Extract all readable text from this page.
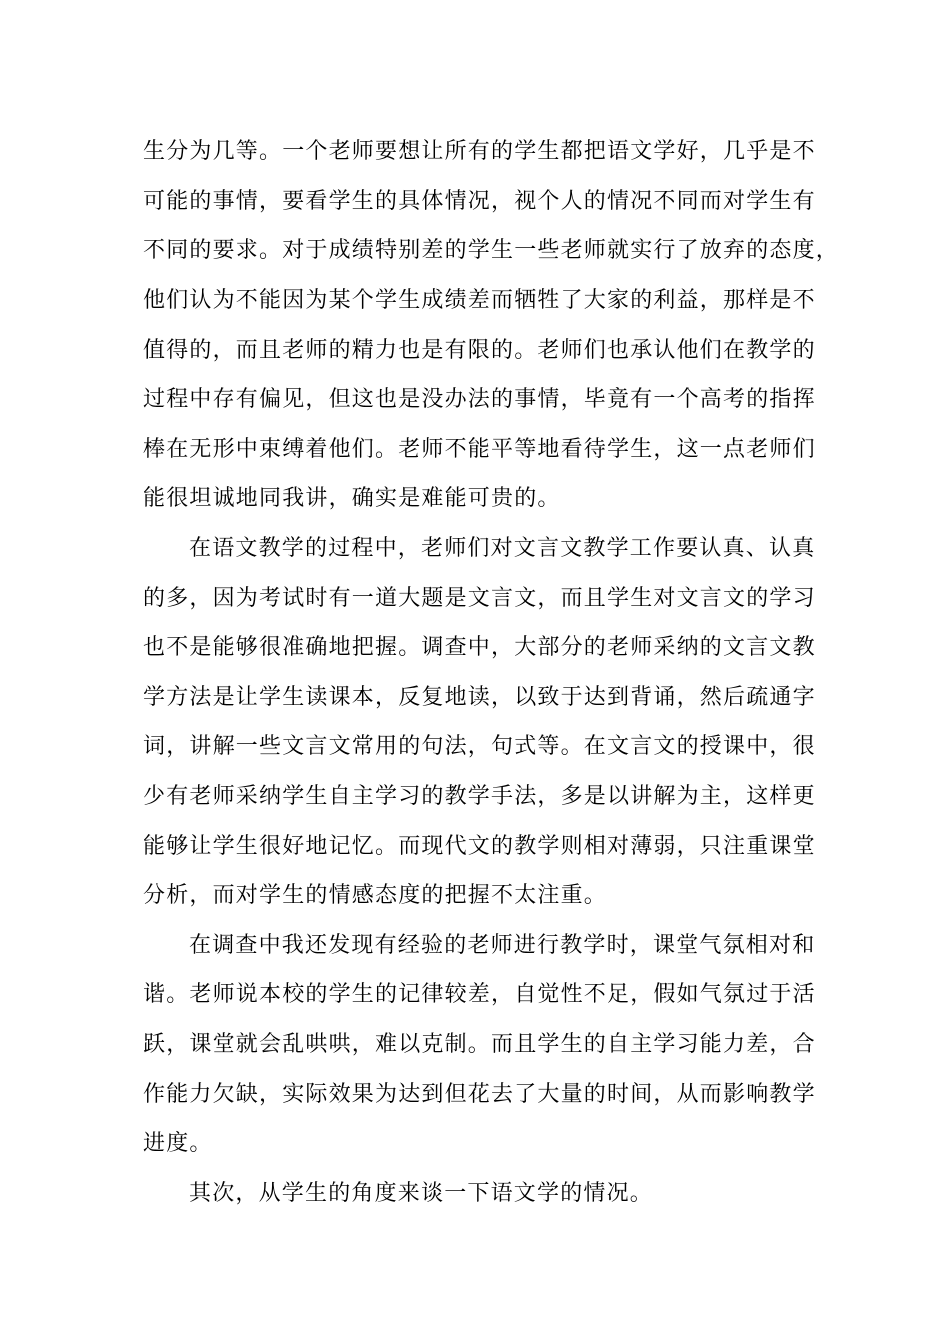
生分为几等。一个老师要想让所有的学生都把语文学好，几乎是不

可能的事情，要看学生的具体情况，视个人的情况不同而对学生有

不同的要求。对于成绩特别差的学生一些老师就实行了放弃的态度，

他们认为不能因为某个学生成绩差而牺牲了大家的利益，那样是不

值得的，而且老师的精力也是有限的。老师们也承认他们在教学的

过程中存有偏见，但这也是没办法的事情，毕竟有一个高考的指挥

棒在无形中束缚着他们。老师不能平等地看待学生，这一点老师们

能很坦诚地同我讲，确实是难能可贵的。

在语文教学的过程中，老师们对文言文教学工作要认真、认真

的多，因为考试时有一道大题是文言文，而且学生对文言文的学习

也不是能够很准确地把握。调查中，大部分的老师采纳的文言文教

学方法是让学生读课本，反复地读，以致于达到背诵，然后疏通字

词，讲解一些文言文常用的句法，句式等。在文言文的授课中，很

少有老师采纳学生自主学习的教学手法，多是以讲解为主，这样更

能够让学生很好地记忆。而现代文的教学则相对薄弱，只注重课堂

分析，而对学生的情感态度的把握不太注重。

在调查中我还发现有经验的老师进行教学时，课堂气氛相对和

谐。老师说本校的学生的记律较差，自觉性不足，假如气氛过于活

跃，课堂就会乱哄哄，难以克制。而且学生的自主学习能力差，合

作能力欠缺，实际效果为达到但花去了大量的时间，从而影响教学

进度。

其次，从学生的角度来谈一下语文学的情况。
